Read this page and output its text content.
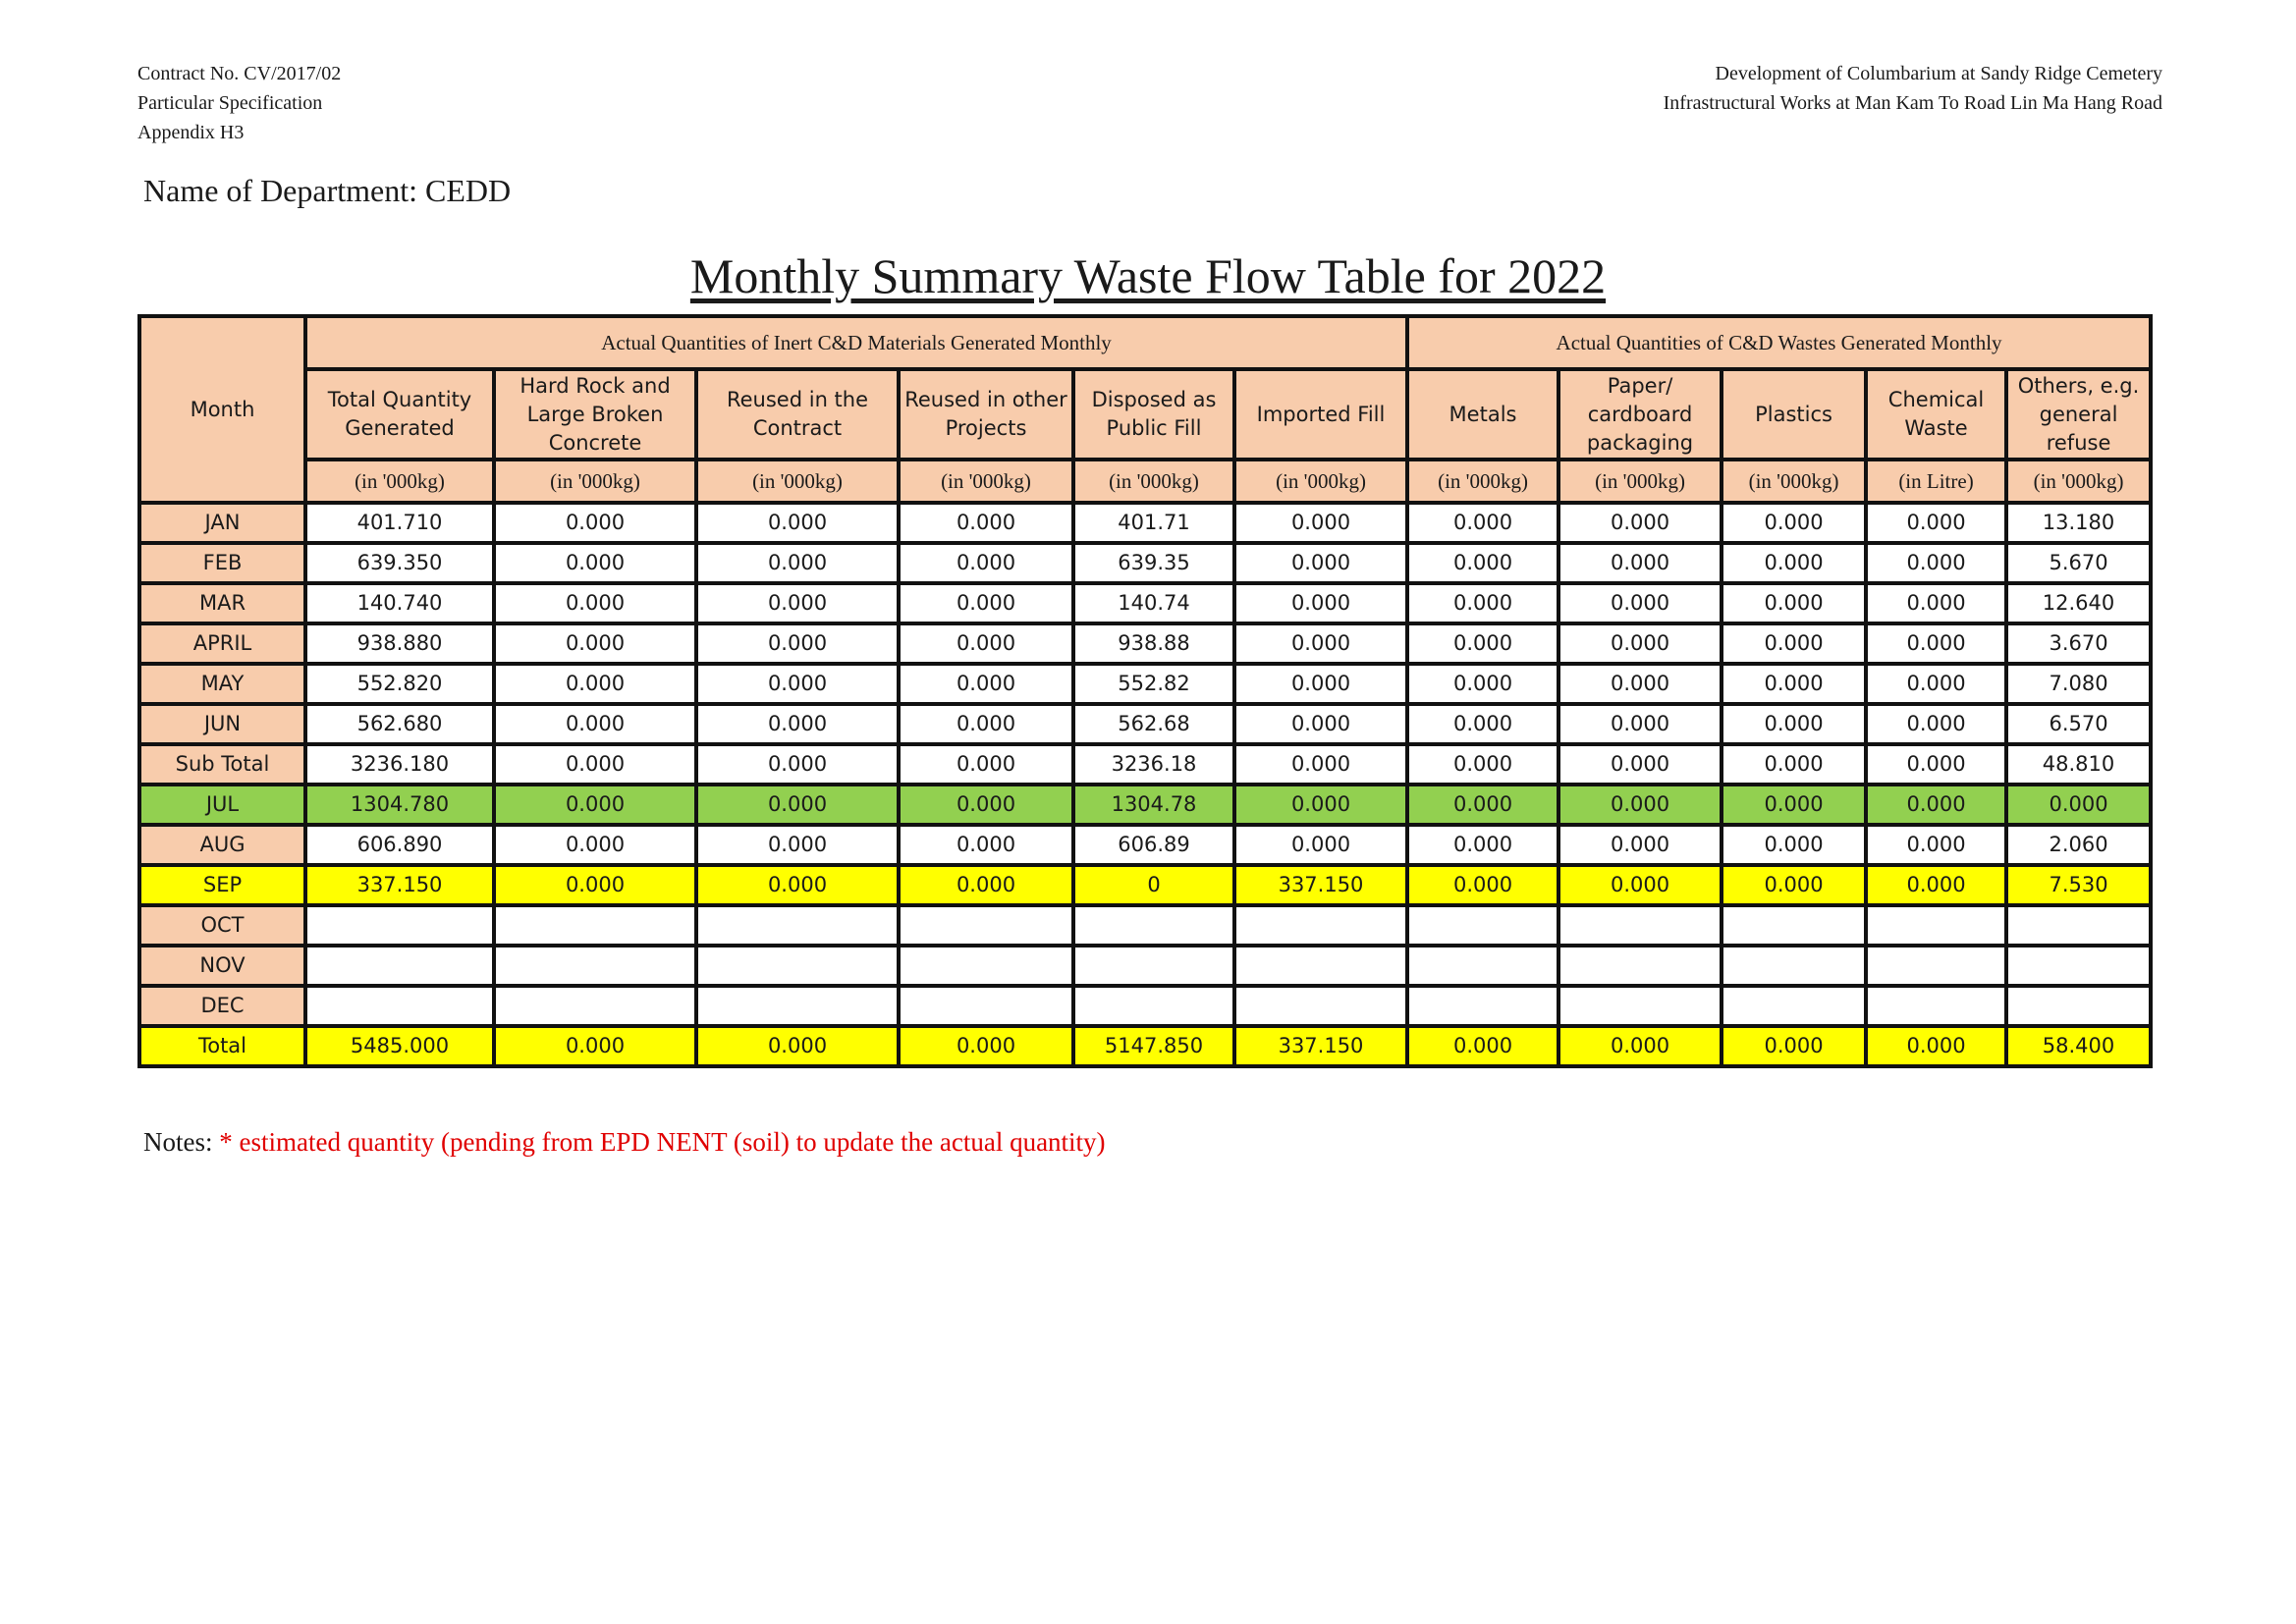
Contract No. CV/2017/02
Particular Specification
Appendix H3
Development of Columbarium at Sandy Ridge Cemetery
Infrastructural Works at Man Kam To Road Lin Ma Hang Road
Name of Department: CEDD
Monthly Summary Waste Flow Table for 2022
Month	Actual Quantities of Inert C&D Materials Generated Monthly						Actual Quantities of C&D Wastes Generated Monthly				
	Total Quantity Generated	Hard Rock and Large Broken Concrete	Reused in the Contract	Reused in other Projects	Disposed as Public Fill	Imported Fill	Metals	Paper/ cardboard packaging	Plastics	Chemical Waste	Others, e.g. general refuse
	(in '000kg)	(in '000kg)	(in '000kg)	(in '000kg)	(in '000kg)	(in '000kg)	(in '000kg)	(in '000kg)	(in '000kg)	(in Litre)	(in '000kg)
JAN	401.710	0.000	0.000	0.000	401.71	0.000	0.000	0.000	0.000	0.000	13.180
FEB	639.350	0.000	0.000	0.000	639.35	0.000	0.000	0.000	0.000	0.000	5.670
MAR	140.740	0.000	0.000	0.000	140.74	0.000	0.000	0.000	0.000	0.000	12.640
APRIL	938.880	0.000	0.000	0.000	938.88	0.000	0.000	0.000	0.000	0.000	3.670
MAY	552.820	0.000	0.000	0.000	552.82	0.000	0.000	0.000	0.000	0.000	7.080
JUN	562.680	0.000	0.000	0.000	562.68	0.000	0.000	0.000	0.000	0.000	6.570
Sub Total	3236.180	0.000	0.000	0.000	3236.18	0.000	0.000	0.000	0.000	0.000	48.810
JUL	1304.780	0.000	0.000	0.000	1304.78	0.000	0.000	0.000	0.000	0.000	0.000
AUG	606.890	0.000	0.000	0.000	606.89	0.000	0.000	0.000	0.000	0.000	2.060
SEP	337.150	0.000	0.000	0.000	0	337.150	0.000	0.000	0.000	0.000	7.530
OCT											
NOV											
DEC											
Total	5485.000	0.000	0.000	0.000	5147.850	337.150	0.000	0.000	0.000	0.000	58.400
Notes: * estimated quantity (pending from EPD NENT (soil) to update the actual quantity)
